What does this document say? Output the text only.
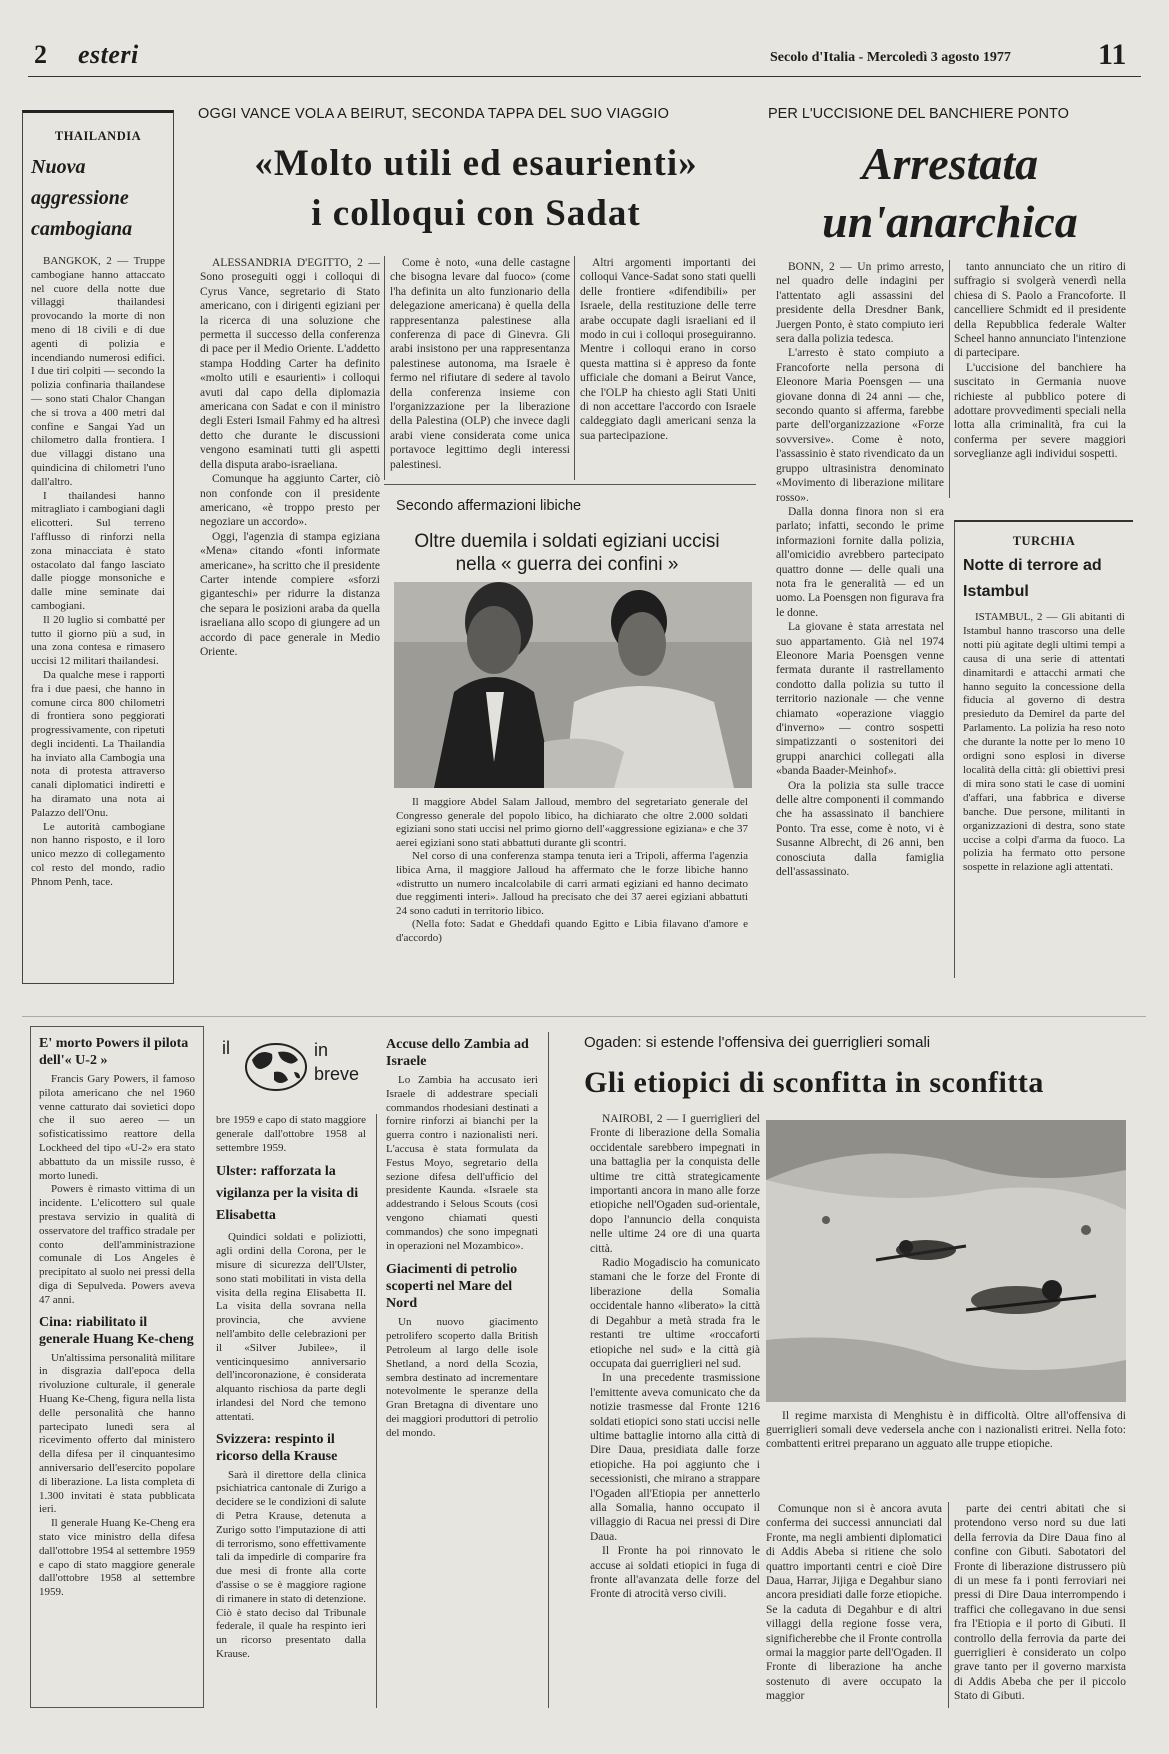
2 esteri	Secolo d'Italia - Mercoledì 3 agosto 1977	11
THAILANDIA
Nuova aggressione cambogiana

BANGKOK, 2 — Truppe cambogiane hanno attaccato nel cuore della notte due villaggi thailandesi provocando la morte di non meno di 18 civili e di due agenti di polizia e incendiando numerosi edifici. I due tiri colpiti — secondo la polizia confinaria thailandese — sono stati Chalor Changan che si trova a 400 metri dal confine e Sangai Yad un chilometro dalla frontiera. I due villaggi distano una quindicina di chilometri l'uno dall'altro.

I thailandesi hanno mitragliato i cambogiani dagli elicotteri. Sul terreno l'afflusso di rinforzi nella zona minacciata è stato ostacolato dal fango lasciato dalle piogge monsoniche e dalle mine seminate dai cambogiani.

Il 20 luglio si combatté per tutto il giorno più a sud, in una zona contesa e rimasero uccisi 12 militari thailandesi.

Da qualche mese i rapporti fra i due paesi, che hanno in comune circa 800 chilometri di frontiera sono peggiorati progressivamente, con ripetuti degli incidenti. La Thailandia ha inviato alla Cambogia una nota di protesta attraverso canali diplomatici indiretti e ha diramato una nota ai Palazzo dell'Onu.

Le autorità cambogiane non hanno risposto, e il loro unico mezzo di collegamento col resto del mondo, radio Phnom Penh, tace.

OGGI VANCE VOLA A BEIRUT, SECONDA TAPPA DEL SUO VIAGGIO
«Molto utili ed esaurienti»
i colloqui con Sadat

ALESSANDRIA D'EGITTO, 2 — Sono proseguiti oggi i colloqui di Cyrus Vance, segretario di Stato americano, con i dirigenti egiziani per la ricerca di una soluzione che permetta il successo della conferenza di pace per il Medio Oriente. L'addetto stampa Hodding Carter ha definito «molto utili e esaurienti» i colloqui avuti dal capo della diplomazia americana con Sadat e con il ministro degli Esteri Ismail Fahmy ed ha altresì detto che durante le discussioni vengono esaminati tutti gli aspetti della disputa arabo-israeliana.

Comunque ha aggiunto Carter, ciò non confonde con il presidente americano, «è troppo presto per negoziare un accordo».

Oggi, l'agenzia di stampa egiziana «Mena» citando «fonti informate americane», ha scritto che il presidente Carter intende compiere «sforzi giganteschi» per ridurre la distanza che separa le posizioni araba da quella israeliana allo scopo di giungere ad un accordo di pace generale in Medio Oriente.

Come è noto, «una delle castagne che bisogna levare dal fuoco» (come l'ha definita un alto funzionario della delegazione americana) è quella della rappresentanza palestinese alla conferenza di pace di Ginevra. Gli arabi insistono per una rappresentanza palestinese autonoma, ma Israele è fermo nel rifiutare di sedere al tavolo della conferenza insieme con l'organizzazione per la liberazione della Palestina (OLP) che invece dagli arabi viene considerata come unica portavoce legittimo degli interessi palestinesi.

Altri argomenti importanti dei colloqui Vance-Sadat sono stati quelli delle frontiere «difendibili» per Israele, della restituzione delle terre arabe occupate dagli israeliani ed il modo in cui i colloqui proseguiranno. Mentre i colloqui erano in corso questa mattina si è appreso da fonte ufficiale che domani a Beirut Vance, che l'OLP ha chiesto agli Stati Uniti di non accettare l'accordo con Israele caldeggiato dagli americani senza la sua partecipazione.

Secondo affermazioni libiche
Oltre duemila i soldati egiziani uccisi nella « guerra dei confini »

Il maggiore Abdel Salam Jalloud, membro del segretariato generale del Congresso generale del popolo libico, ha dichiarato che oltre 2.000 soldati egiziani sono stati uccisi nel primo giorno dell'«aggressione egiziana» e che 37 aerei egiziani sono stati abbattuti durante gli scontri.

Nel corso di una conferenza stampa tenuta ieri a Tripoli, afferma l'agenzia libica Arna, il maggiore Jalloud ha affermato che le forze libiche hanno «distrutto un numero incalcolabile di carri armati egiziani ed hanno decimato due reggimenti interi». Jalloud ha precisato che dei 37 aerei egiziani abbattuti 24 sono caduti in territorio libico.

(Nella foto: Sadat e Gheddafi quando Egitto e Libia filavano d'amore e d'accordo)

PER L'UCCISIONE DEL BANCHIERE PONTO
Arrestata
un'anarchica

BONN, 2 — Un primo arresto, nel quadro delle indagini per l'attentato agli assassini del presidente della Dresdner Bank, Juergen Ponto, è stato compiuto ieri sera dalla polizia tedesca.

L'arresto è stato compiuto a Francoforte nella persona di Eleonore Maria Poensgen — una giovane donna di 24 anni — che, secondo quanto si afferma, farebbe parte dell'organizzazione «Forze sovversive». Come è noto, l'assassinio è stato rivendicato da un gruppo ultrasinistra denominato «Movimento di liberazione militare rosso».

Dalla donna finora non si era parlato; infatti, secondo le prime informazioni fornite dalla polizia, all'omicidio avrebbero partecipato quattro donne — delle quali una nota fra le generalità — ed un uomo. La Poensgen non figurava fra le donne.

La giovane è stata arrestata nel suo appartamento. Già nel 1974 Eleonore Maria Poensgen venne fermata durante il rastrellamento condotto dalla polizia su tutto il territorio nazionale — che venne chiamato «operazione viaggio d'inverno» — contro sospetti simpatizzanti o sostenitori dei gruppi anarchici collegati alla «banda Baader-Meinhof».

Ora la polizia sta sulle tracce delle altre componenti il commando che ha assassinato il banchiere Ponto. Tra esse, come è noto, vi è Susanne Albrecht, di 26 anni, ben conosciuta dalla famiglia dell'assassinato.

tanto annunciato che un ritiro di suffragio si svolgerà venerdì nella chiesa di S. Paolo a Francoforte. Il cancelliere Schmidt ed il presidente della Repubblica federale Walter Scheel hanno annunciato l'intenzione di partecipare.

L'uccisione del banchiere ha suscitato in Germania nuove richieste al pubblico potere di adottare provvedimenti speciali nella lotta alla criminalità, fra cui la conferma per severe maggiori sorveglianze agli individui sospetti.

TURCHIA
Notte di terrore ad Istambul
ISTAMBUL, 2 — Gli abitanti di Istambul hanno trascorso una delle notti più agitate degli ultimi tempi a causa di una serie di attentati dinamitardi e attacchi armati che hanno seguito la concessione della fiducia al governo di destra presieduto da Demirel da parte del Parlamento. La polizia ha reso noto che durante la notte per lo meno 10 ordigni sono esplosi in diverse località della città: gli obiettivi presi di mira sono stati le case di uomini d'affari, una fabbrica e diverse banche. Due persone, militanti in organizzazioni di destra, sono state uccise a colpi d'arma da fuoco. La polizia ha fermato otto persone sospette in relazione agli attentati.
E' morto Powers il pilota dell'« U-2 »

Francis Gary Powers, il famoso pilota americano che nel 1960 venne catturato dai sovietici dopo che il suo aereo — un sofisticatissimo reattore della Lockheed del tipo «U-2» era stato abbattuto da un missile russo, è morto lunedì.

Powers è rimasto vittima di un incidente. L'elicottero sul quale prestava servizio in qualità di osservatore del traffico stradale per conto dell'amministrazione comunale di Los Angeles è precipitato al suolo nei pressi della diga di Sepulveda. Powers aveva 47 anni.

Cina: riabilitato il generale Huang Ke-cheng

Un'altissima personalità militare in disgrazia dall'epoca della rivoluzione culturale, il generale Huang Ke-Cheng, figura nella lista delle personalità che hanno partecipato lunedì sera al ricevimento offerto dal ministero della difesa per il cinquantesimo anniversario dell'esercito popolare di liberazione. La lista completa di 1.300 invitati è stata pubblicata ieri.

Il generale Huang Ke-Cheng era stato vice ministro della difesa dall'ottobre 1954 al settembre 1959 e capo di stato maggiore generale dall'ottobre 1958 al settembre 1959.

il	in
breve
bre 1959 e capo di stato maggiore generale dall'ottobre 1958 al settembre 1959.
Ulster: rafforzata la vigilanza per la visita di Elisabetta
Quindici soldati e poliziotti, agli ordini della Corona, per le misure di sicurezza dell'Ulster, sono stati mobilitati in vista della visita della regina Elisabetta II. La visita della sovrana nella provincia, che avviene nell'ambito delle celebrazioni per il «Silver Jubilee», il venticinquesimo anniversario dell'incoronazione, è considerata alquanto rischiosa da parte degli irlandesi del Nord che temono attentati.
Svizzera: respinto il ricorso della Krause
Sarà il direttore della clinica psichiatrica cantonale di Zurigo a decidere se le condizioni di salute di Petra Krause, detenuta a Zurigo sotto l'imputazione di atti di terrorismo, sono effettivamente tali da impedirle di comparire fra due mesi di fronte alla corte d'assise o se è maggiore ragione di rimanere in stato di detenzione. Ciò è stato deciso dal Tribunale federale, il quale ha respinto ieri un ricorso presentato dalla Krause.
Accuse dello Zambia ad Israele
Lo Zambia ha accusato ieri Israele di addestrare speciali commandos rhodesiani destinati a fornire rinforzi ai bianchi per la guerra contro i nazionalisti neri. L'accusa è stata formulata da Festus Moyo, segretario della sezione difesa dell'ufficio del presidente Kaunda. «Israele sta addestrando i Selous Scouts (così vengono chiamati questi commandos) che sono impegnati in operazioni nel Mozambico».
Giacimenti di petrolio scoperti nel Mare del Nord
Un nuovo giacimento petrolifero scoperto dalla British Petroleum al largo delle isole Shetland, a nord della Scozia, sembra destinato ad incrementare notevolmente le speranze della Gran Bretagna di diventare uno dei maggiori produttori di petrolio del mondo.
Ogaden: si estende l'offensiva dei guerriglieri somali
Gli etiopici di sconfitta in sconfitta

NAIROBI, 2 — I guerriglieri del Fronte di liberazione della Somalia occidentale sarebbero impegnati in una battaglia per la conquista delle ultime tre città strategicamente importanti ancora in mano alle forze etiopiche nell'Ogaden sud-orientale, dopo l'annuncio della conquista nelle ultime 24 ore di una quarta città.

Radio Mogadiscio ha comunicato stamani che le forze del Fronte di liberazione della Somalia occidentale hanno «liberato» la città di Degahbur a metà strada fra le restanti tre ultime «roccaforti etiopiche nel sud» e la città già occupata dai guerriglieri nel sud.

In una precedente trasmissione l'emittente aveva comunicato che da notizie trasmesse dal Fronte 1216 soldati etiopici sono stati uccisi nelle ultime battaglie intorno alla città di Dire Daua, presidiata dalle forze etiopiche. Ha poi aggiunto che i secessionisti, che mirano a strappare l'Ogaden all'Etiopia per annetterlo alla Somalia, hanno occupato il villaggio di Racua nei pressi di Dire Daua.

Il Fronte ha poi rinnovato le accuse ai soldati etiopici in fuga di fronte all'avanzata delle forze del Fronte di atrocità verso civili.

Il regime marxista di Menghistu è in difficoltà. Oltre all'offensiva di guerriglieri somali deve vedersela anche con i nazionalisti eritrei. Nella foto: combattenti eritrei preparano un agguato alle truppe etiopiche.

Comunque non si è ancora avuta conferma dei successi annunciati dal Fronte, ma negli ambienti diplomatici di Addis Abeba si ritiene che solo quattro importanti centri e cioè Dire Daua, Harrar, Jijiga e Degahbur siano ancora presidiati dalle forze etiopiche. Se la caduta di Degahbur e di altri villaggi della regione fosse vera, significherebbe che il Fronte controlla ormai la maggior parte dell'Ogaden. Il Fronte di liberazione ha anche sostenuto di avere occupato la maggior

parte dei centri abitati che si protendono verso nord su due lati della ferrovia da Dire Daua fino al confine con Gibuti. Sabotatori del Fronte di liberazione distrussero più di un mese fa i ponti ferroviari nei pressi di Dire Daua interrompendo i traffici che collegavano in due sensi fra l'Etiopia e il porto di Gibuti. Il controllo della ferrovia da parte dei guerriglieri è considerato un colpo grave tanto per il governo marxista di Addis Abeba che per il piccolo Stato di Gibuti.
